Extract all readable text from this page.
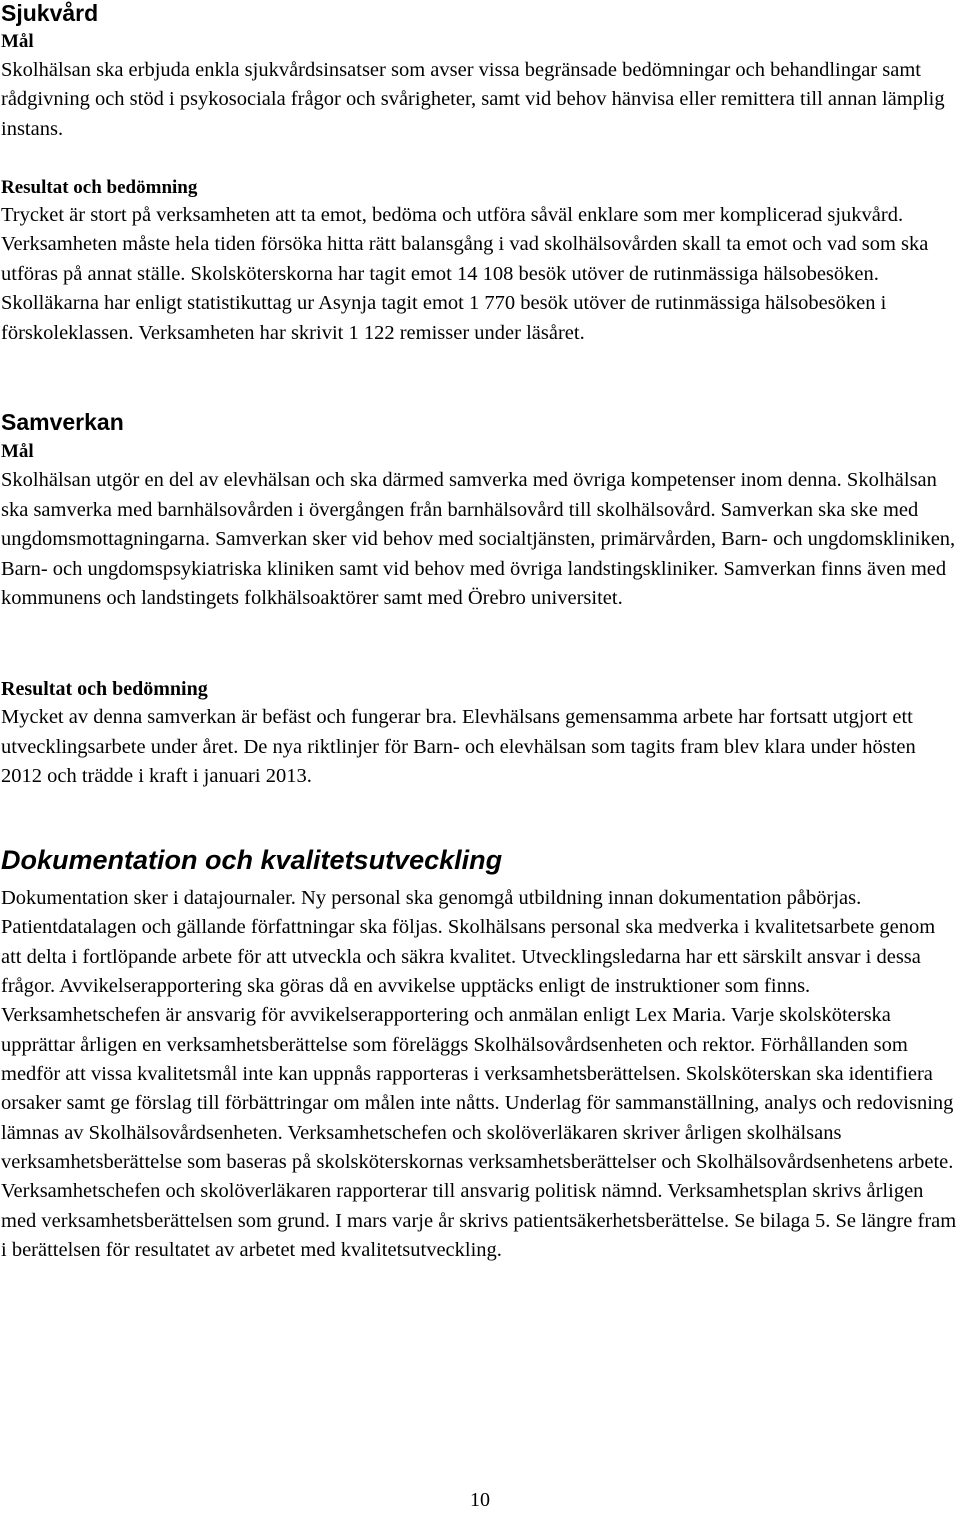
Sjukvård
Mål

Skolhälsan ska erbjuda enkla sjukvårdsinsatser som avser vissa begränsade bedömningar och behandlingar samt rådgivning och stöd i psykosociala frågor och svårigheter, samt vid behov hänvisa eller remittera till annan lämplig instans.

Resultat och bedömning

Trycket är stort på verksamheten att ta emot, bedöma och utföra såväl enklare som mer komplicerad sjukvård. Verksamheten måste hela tiden försöka hitta rätt balansgång i vad skolhälsovården skall ta emot och vad som ska utföras på annat ställe. Skolsköterskorna har tagit emot 14 108 besök utöver de rutinmässiga hälsobesöken. Skolläkarna har enligt statistikuttag ur Asynja tagit emot 1 770 besök utöver de rutinmässiga hälsobesöken i förskoleklassen. Verksamheten har skrivit 1 122 remisser under läsåret.

Samverkan
Mål

Skolhälsan utgör en del av elevhälsan och ska därmed samverka med övriga kompetenser inom denna. Skolhälsan ska samverka med barnhälsovården i övergången från barnhälsovård till skolhälsovård. Samverkan ska ske med ungdomsmottagningarna. Samverkan sker vid behov med socialtjänsten, primärvården, Barn- och ungdomskliniken, Barn- och ungdomspsykiatriska kliniken samt vid behov med övriga landstingskliniker. Samverkan finns även med kommunens och landstingets folkhälsoaktörer samt med Örebro universitet.

Resultat och bedömning

Mycket av denna samverkan är befäst och fungerar bra. Elevhälsans gemensamma arbete har fortsatt utgjort ett utvecklingsarbete under året. De nya riktlinjer för Barn- och elevhälsan som tagits fram blev klara under hösten 2012 och trädde i kraft i januari 2013.

Dokumentation och kvalitetsutveckling

Dokumentation sker i datajournaler. Ny personal ska genomgå utbildning innan dokumentation påbörjas. Patientdatalagen och gällande författningar ska följas. Skolhälsans personal ska medverka i kvalitetsarbete genom att delta i fortlöpande arbete för att utveckla och säkra kvalitet. Utvecklingsledarna har ett särskilt ansvar i dessa frågor. Avvikelserapportering ska göras då en avvikelse upptäcks enligt de instruktioner som finns. Verksamhetschefen är ansvarig för avvikelserapportering och anmälan enligt Lex Maria. Varje skolsköterska upprättar årligen en verksamhetsberättelse som föreläggs Skolhälsovårdsenheten och rektor. Förhållanden som medför att vissa kvalitetsmål inte kan uppnås rapporteras i verksamhetsberättelsen. Skolsköterskan ska identifiera orsaker samt ge förslag till förbättringar om målen inte nåtts. Underlag för sammanställning, analys och redovisning lämnas av Skolhälsovårdsenheten. Verksamhetschefen och skolöverläkaren skriver årligen skolhälsans verksamhetsberättelse som baseras på skolsköterskornas verksamhetsberättelser och Skolhälsovårdsenhetens arbete. Verksamhetschefen och skolöverläkaren rapporterar till ansvarig politisk nämnd. Verksamhetsplan skrivs årligen med verksamhetsberättelsen som grund. I mars varje år skrivs patientsäkerhetsberättelse. Se bilaga 5. Se längre fram i berättelsen för resultatet av arbetet med kvalitetsutveckling.

10
